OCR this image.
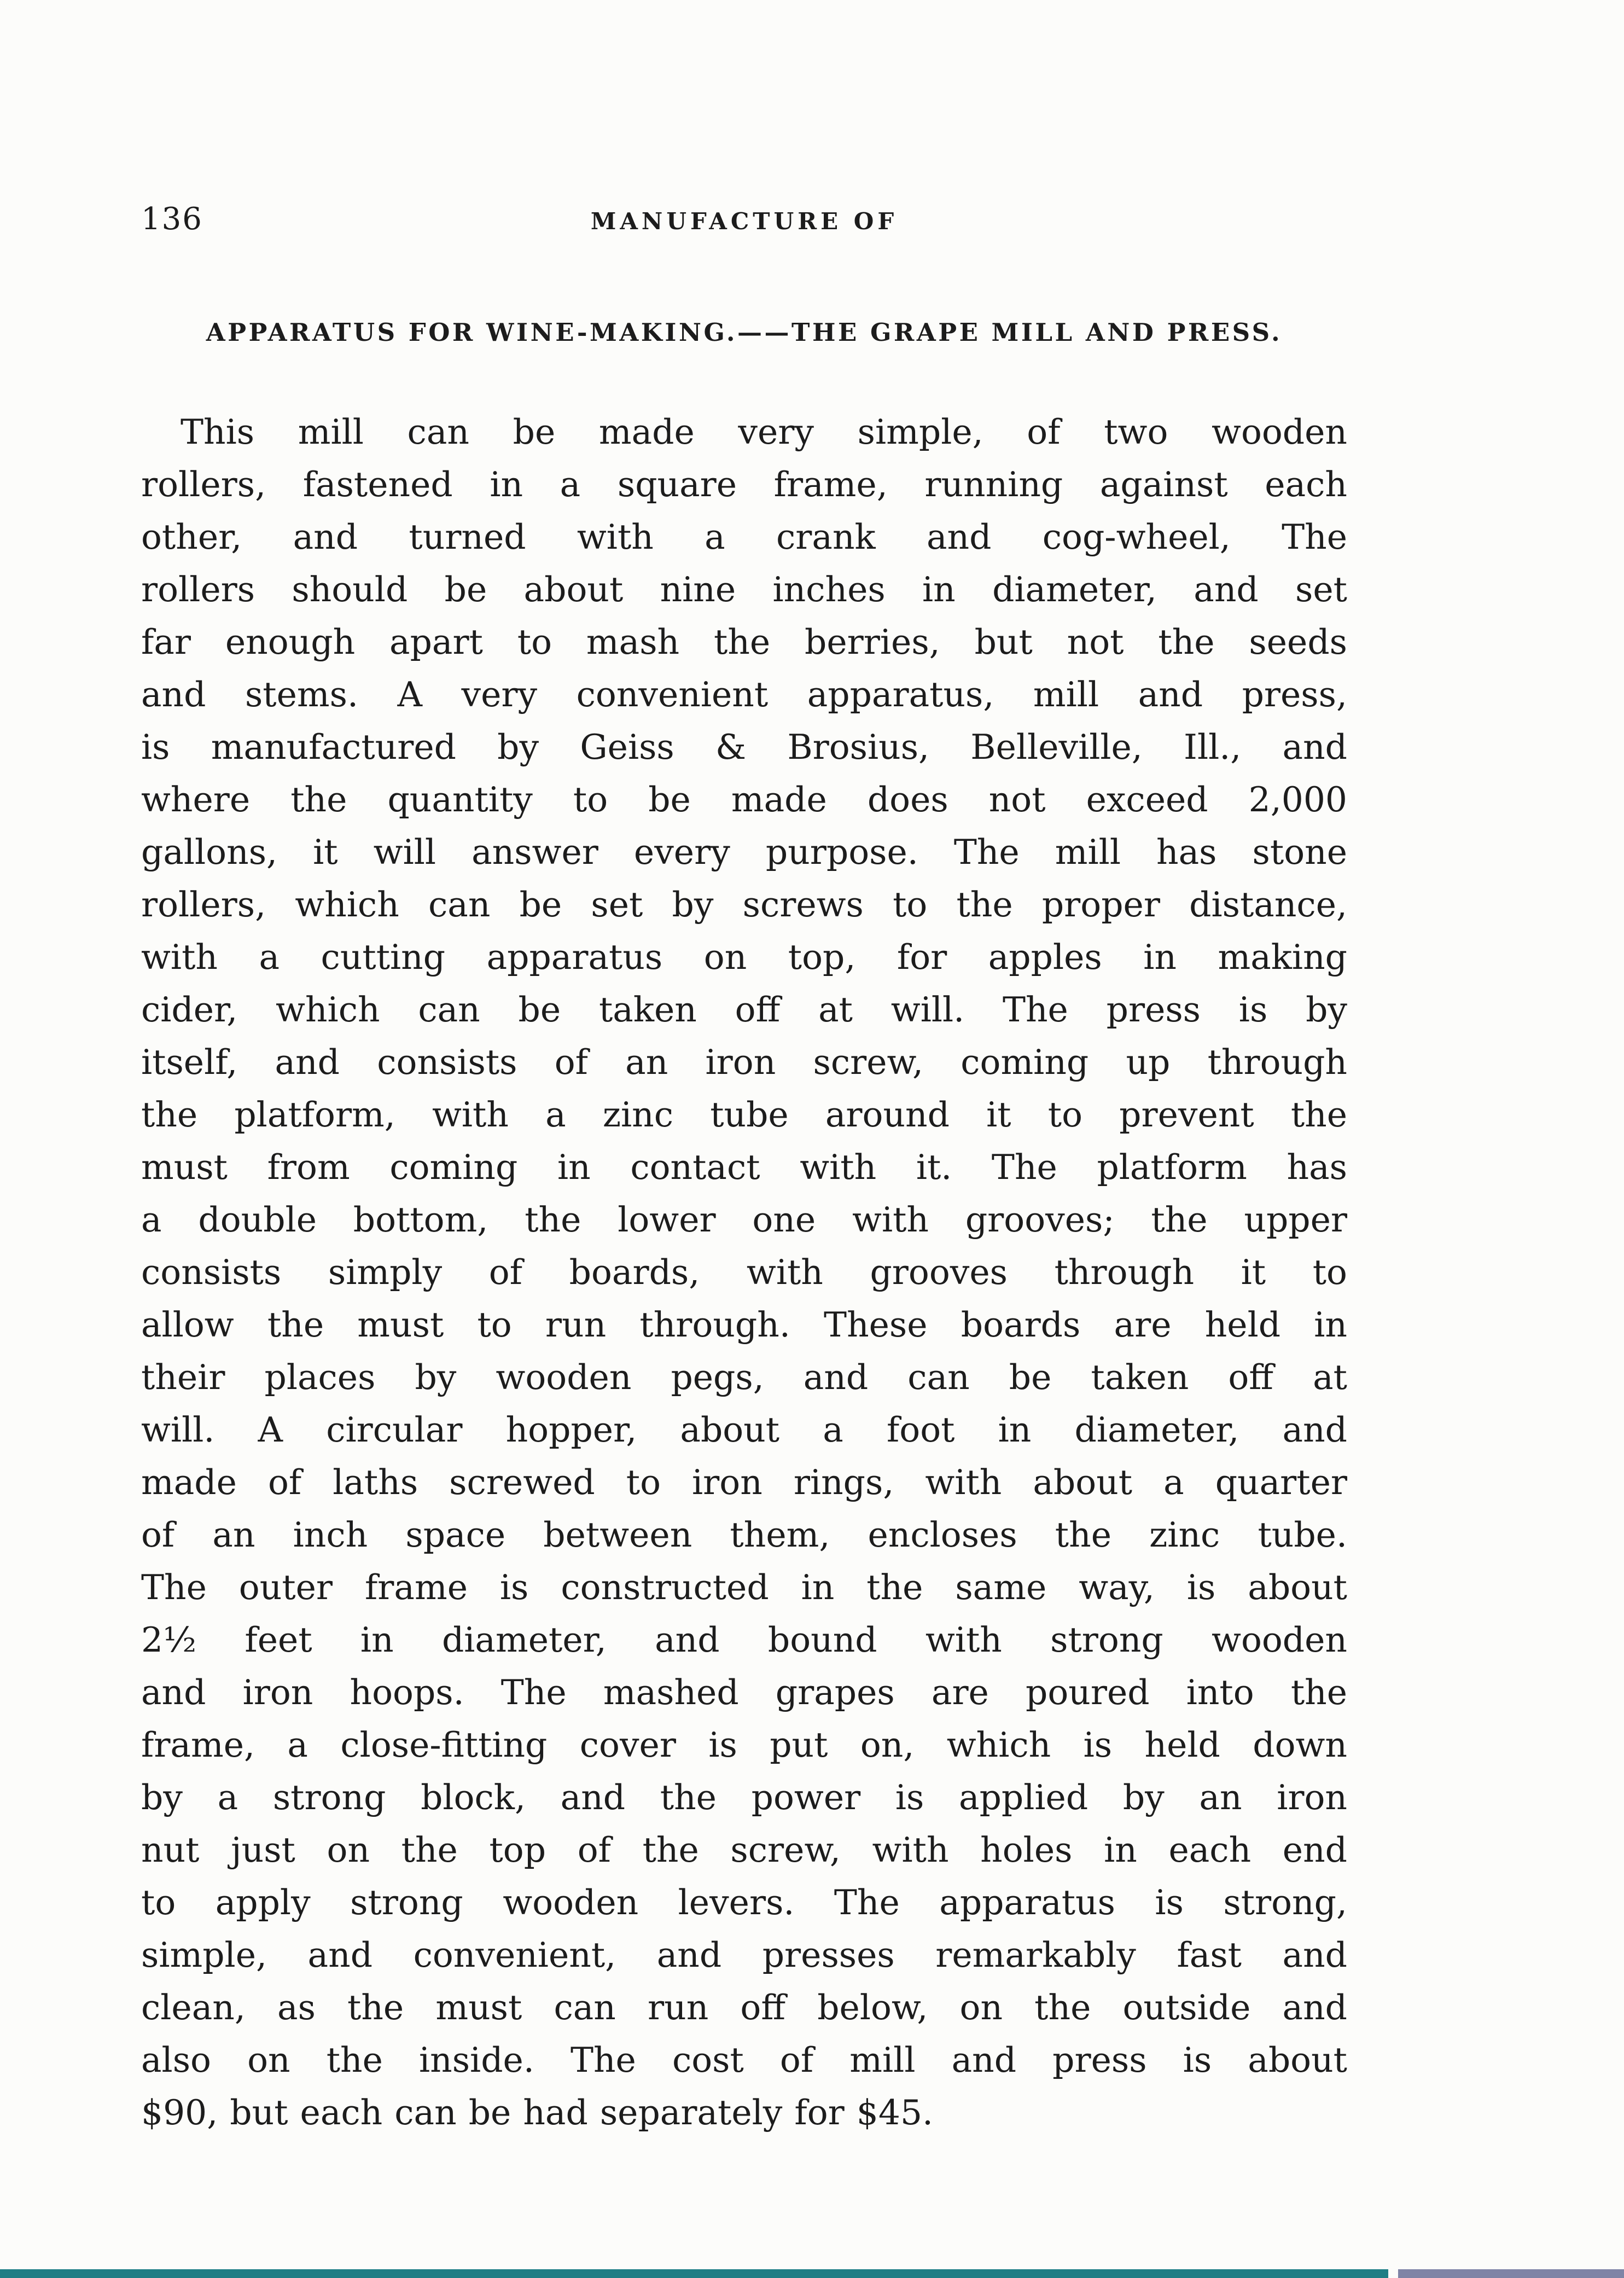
136	MANUFACTURE OF
APPARATUS FOR WINE-MAKING.——THE GRAPE MILL AND PRESS.
This mill can be made very simple, of two wooden
rollers, fastened in a square frame, running against each
other, and turned with a crank and cog-wheel, The
rollers should be about nine inches in diameter, and set
far enough apart to mash the berries, but not the seeds
and stems. A very convenient apparatus, mill and press,
is manufactured by Geiss & Brosius, Belleville, Ill., and
where the quantity to be made does not exceed 2,000
gallons, it will answer every purpose. The mill has stone
rollers, which can be set by screws to the proper distance,
with a cutting apparatus on top, for apples in making
cider, which can be taken off at will. The press is by
itself, and consists of an iron screw, coming up through
the platform, with a zinc tube around it to prevent the
must from coming in contact with it. The platform has
a double bottom, the lower one with grooves; the upper
consists simply of boards, with grooves through it to
allow the must to run through. These boards are held in
their places by wooden pegs, and can be taken off at
will. A circular hopper, about a foot in diameter, and
made of laths screwed to iron rings, with about a quarter
of an inch space between them, encloses the zinc tube.
The outer frame is constructed in the same way, is about
2½ feet in diameter, and bound with strong wooden
and iron hoops. The mashed grapes are poured into the
frame, a close-fitting cover is put on, which is held down
by a strong block, and the power is applied by an iron
nut just on the top of the screw, with holes in each end
to apply strong wooden levers. The apparatus is strong,
simple, and convenient, and presses remarkably fast and
clean, as the must can run off below, on the outside and
also on the inside. The cost of mill and press is about
$90, but each can be had separately for $45.
